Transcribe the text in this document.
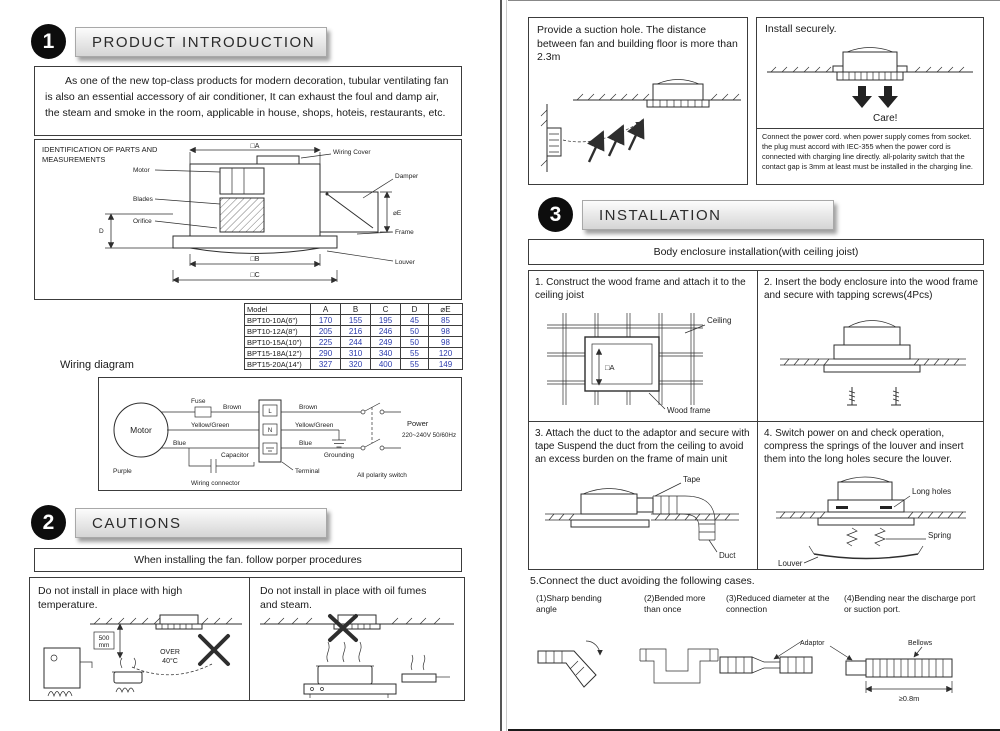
1	PRODUCT INTRODUCTION
As one of the new top-class products for modern decoration, tubular ventilating fan is also an essential accessory of air conditioner, It can exhaust the foul and damp air, the steam and smoke in the room, applicable in house, shops, hoteis, restaurants, etc.
IDENTIFICATION OF PARTS AND
MEASUREMENTS
□A
Wiring Cover
Motor
Blades
Orifice
Damper
Frame
Louver
⌀E
D
□B
□C
Model	A	B	C	D	⌀E
BPT10-10A(6")	170	155	195	45	85
BPT10-12A(8")	205	216	246	50	98
BPT10-15A(10")	225	244	249	50	98
BPT15-18A(12")	290	310	340	55	120
BPT15-20A(14")	327	320	400	55	149
Wiring diagram
Motor
Fuse
Brown
Yellow/Green
Blue
Capacitor
Purple
Wiring connector
L
N
Terminal
Brown
Yellow/Green
Blue
Grounding
Power
220~240V 50/60Hz
All polarity switch
2	CAUTIONS
When installing the fan. follow porper procedures
Do not install in place with high temperature.
500
mm
OVER
40°C
Do not install in place with oil fumes and steam.
Provide a suction hole. The distance between fan and building floor is more than 2.3m
Install securely.
Care!
Connect the power cord. when power supply comes from socket. the plug must accord with IEC-355 when the power cord is connected with charging line directly. all-polarity switch that the contact gap is 3mm at least must be installed in the charging line.
3	INSTALLATION
Body enclosure installation(with ceiling joist)
1. Construct the wood frame and attach it to the ceiling joist
□A
Ceiling
Wood frame
2. Insert the body enclosure into the wood frame and secure with tapping screws(4Pcs)
3. Attach the duct to the adaptor and secure with tape Suspend the duct from the ceiling to avoid an excess burden on the frame of main unit
Tape
Duct
4. Switch power on and check operation, compress the springs of the louver and insert them into the long holes secure the louver.
Long holes
Spring
Louver
5.Connect the duct avoiding the following cases.
(1)Sharp bending angle
(2)Bended more than once
(3)Reduced diameter at the connection
(4)Bending near the discharge port or suction port.
Adaptor	Bellows
≥0.8m
